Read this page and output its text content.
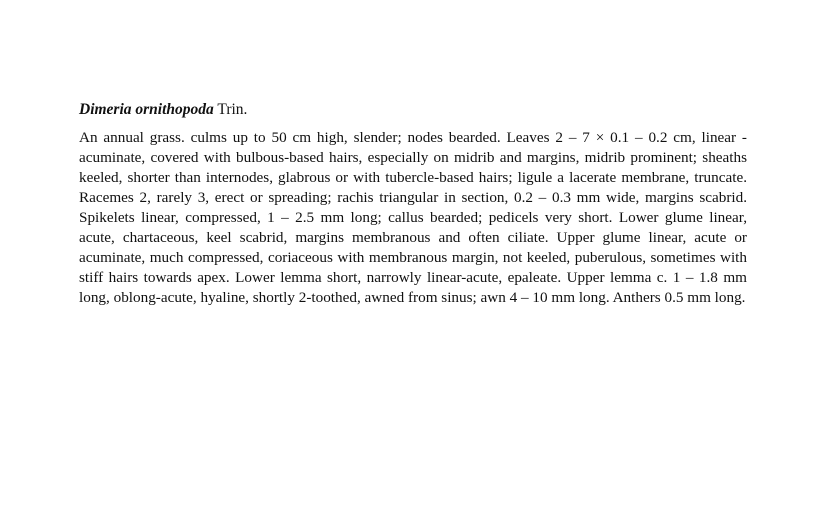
Dimeria ornithopoda Trin.

An annual grass. culms up to 50 cm high, slender; nodes bearded. Leaves 2 – 7 × 0.1 – 0.2 cm, linear - acuminate, covered with bulbous-based hairs, especially on midrib and margins, midrib prominent; sheaths keeled, shorter than internodes, glabrous or with tubercle-based hairs; ligule a lacerate membrane, truncate. Racemes 2, rarely 3, erect or spreading; rachis triangular in section, 0.2 – 0.3 mm wide, margins scabrid. Spikelets linear, compressed, 1 – 2.5 mm long; callus bearded; pedicels very short. Lower glume linear, acute, chartaceous, keel scabrid, margins membranous and often ciliate. Upper glume linear, acute or acuminate, much compressed, coriaceous with membranous margin, not keeled, puberulous, sometimes with stiff hairs towards apex. Lower lemma short, narrowly linear-acute, epaleate. Upper lemma c. 1 – 1.8 mm long, oblong-acute, hyaline, shortly 2-toothed, awned from sinus; awn 4 – 10 mm long. Anthers 0.5 mm long.
